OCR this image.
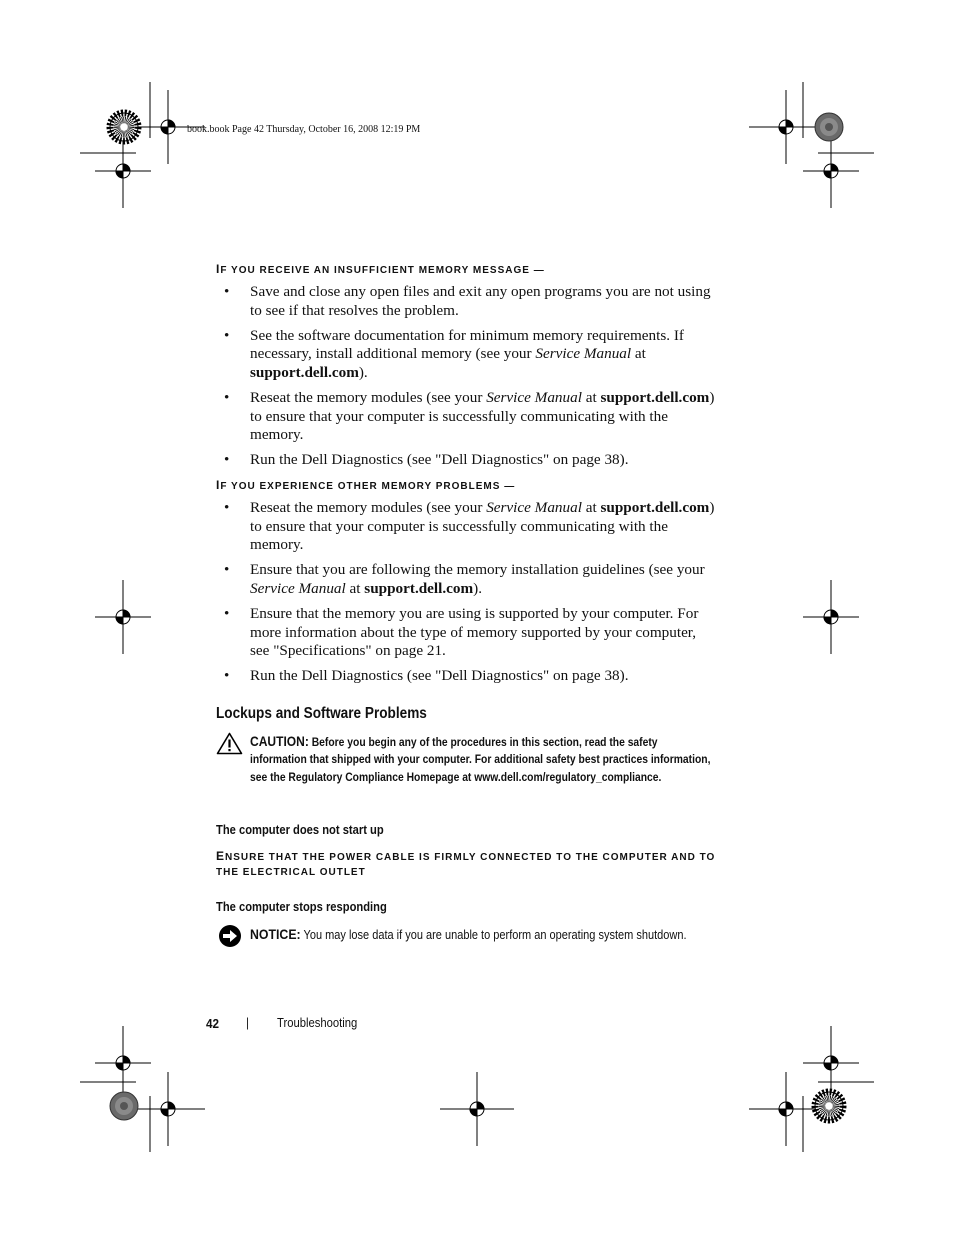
book.book Page 42 Thursday, October 16, 2008 12:19 PM
IF YOU RECEIVE AN INSUFFICIENT MEMORY MESSAGE —
• Save and close any open files and exit any open programs you are not using to see if that resolves the problem.
• See the software documentation for minimum memory requirements. If necessary, install additional memory (see your Service Manual at support.dell.com).
• Reseat the memory modules (see your Service Manual at support.dell.com) to ensure that your computer is successfully communicating with the memory.
• Run the Dell Diagnostics (see "Dell Diagnostics" on page 38).
IF YOU EXPERIENCE OTHER MEMORY PROBLEMS —
• Reseat the memory modules (see your Service Manual at support.dell.com) to ensure that your computer is successfully communicating with the memory.
• Ensure that you are following the memory installation guidelines (see your Service Manual at support.dell.com).
• Ensure that the memory you are using is supported by your computer. For more information about the type of memory supported by your computer, see "Specifications" on page 21.
• Run the Dell Diagnostics (see "Dell Diagnostics" on page 38).
Lockups and Software Problems
CAUTION: Before you begin any of the procedures in this section, read the safety information that shipped with your computer. For additional safety best practices information, see the Regulatory Compliance Homepage at www.dell.com/regulatory_compliance.
The computer does not start up
ENSURE THAT THE POWER CABLE IS FIRMLY CONNECTED TO THE COMPUTER AND TO
THE ELECTRICAL OUTLET
The computer stops responding
NOTICE: You may lose data if you are unable to perform an operating system shutdown.
42 | Troubleshooting
